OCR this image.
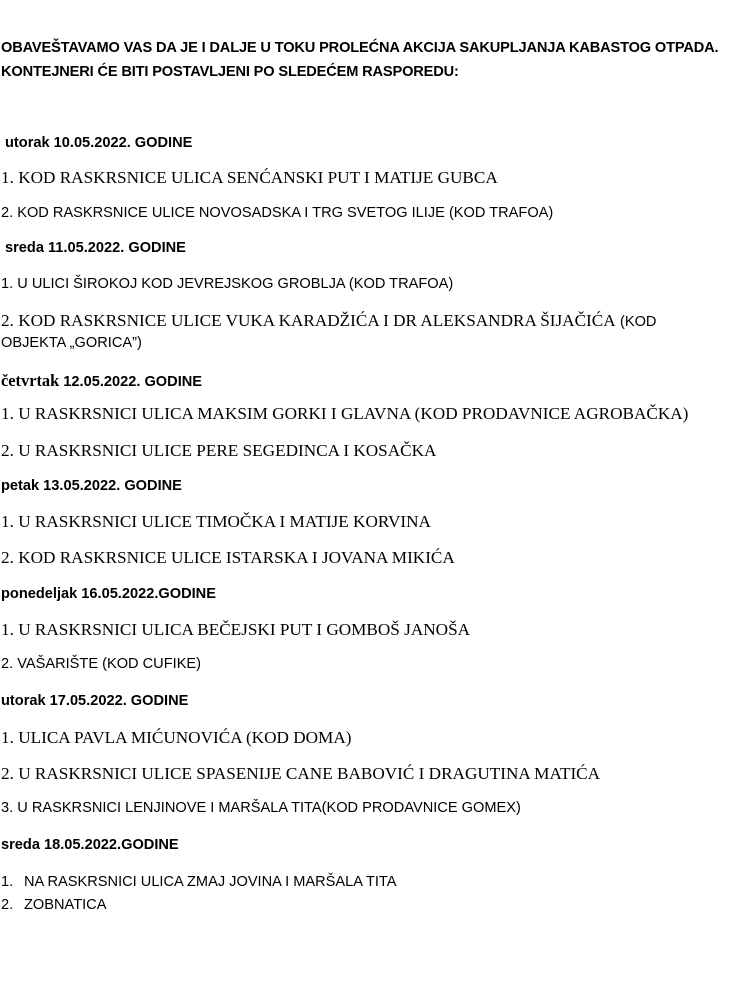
OBAVEŠTAVAMO VAS DA JE I DALJE U TOKU PROLEĆNA AKCIJA SAKUPLJANJA KABASTOG OTPADA.
KONTEJNERI ĆE BITI POSTAVLJENI PO SLEDEĆEM RASPOREDU:
utorak 10.05.2022. GODINE
1. KOD RASKRSNICE ULICA SENĆANSKI PUT I MATIJE GUBCA
2. KOD RASKRSNICE ULICE NOVOSADSKA I TRG SVETOG ILIJE (KOD TRAFOA)
sreda 11.05.2022. GODINE
1. U ULICI ŠIROKOJ KOD JEVREJSKOG GROBLJA (KOD TRAFOA)
2. KOD RASKRSNICE ULICE VUKA KARADŽIĆA I DR ALEKSANDRA ŠIJAČIĆA (KOD
OBJEKTA „GORICA”)
četvrtak 12.05.2022. GODINE
1. U RASKRSNICI ULICA MAKSIM GORKI I GLAVNA (KOD PRODAVNICE AGROBAČKA)
2. U RASKRSNICI ULICE PERE SEGEDINCA I KOSAČKA
petak 13.05.2022. GODINE
1. U RASKRSNICI ULICE TIMOČKA I MATIJE KORVINA
2. KOD RASKRSNICE ULICE ISTARSKA I JOVANA MIKIĆA
ponedeljak 16.05.2022.GODINE
1. U RASKRSNICI ULICA BEČEJSKI PUT I GOMBOŠ JANOŠA
2. VAŠARIŠTE (KOD CUFIKE)
utorak 17.05.2022. GODINE
1. ULICA PAVLA MIĆUNOVIĆA (KOD DOMA)
2. U RASKRSNICI ULICE SPASENIJE CANE BABOVIĆ I DRAGUTINA MATIĆA
3. U RASKRSNICI LENJINOVE I MARŠALA TITA(KOD PRODAVNICE GOMEX)
sreda 18.05.2022.GODINE
1. NA RASKRSNICI ULICA ZMAJ JOVINA I MARŠALA TITA
2. ZOBNATICA
